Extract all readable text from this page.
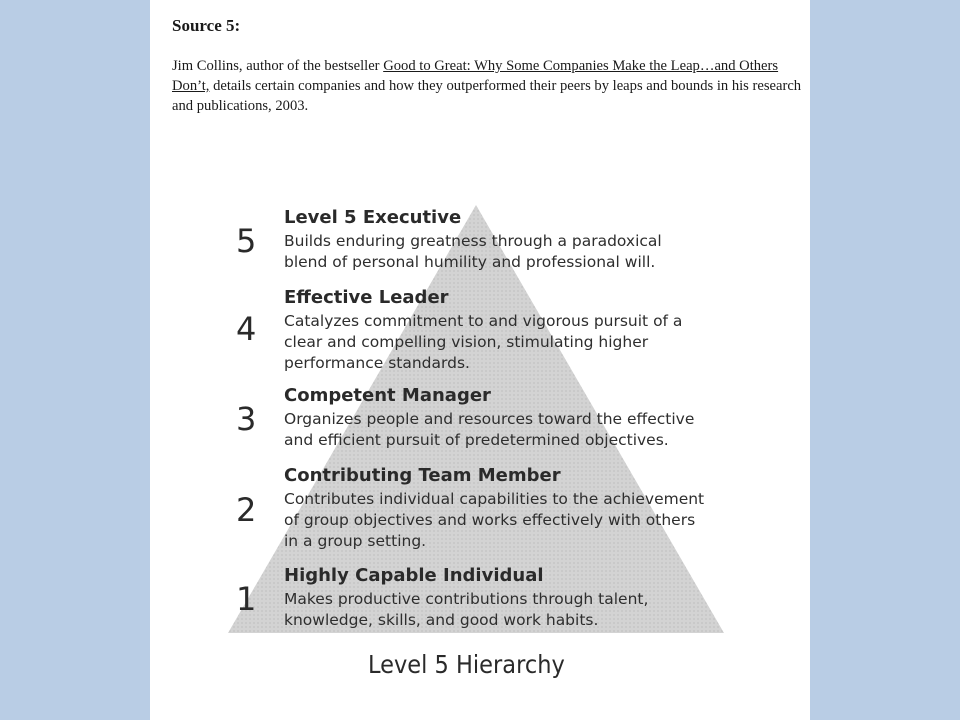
Source 5:
Jim Collins, author of the bestseller Good to Great: Why Some Companies Make the Leap…and Others Don’t, details certain companies and how they outperformed their peers by leaps and bounds in his research and publications, 2003.
5
Level 5 Executive
Builds enduring greatness through a paradoxical
blend of personal humility and professional will.
4
Effective Leader
Catalyzes commitment to and vigorous pursuit of a
clear and compelling vision, stimulating higher
performance standards.
3
Competent Manager
Organizes people and resources toward the effective
and efficient pursuit of predetermined objectives.
2
Contributing Team Member
Contributes individual capabilities to the achievement
of group objectives and works effectively with others
in a group setting.
1
Highly Capable Individual
Makes productive contributions through talent,
knowledge, skills, and good work habits.
Level 5 Hierarchy
